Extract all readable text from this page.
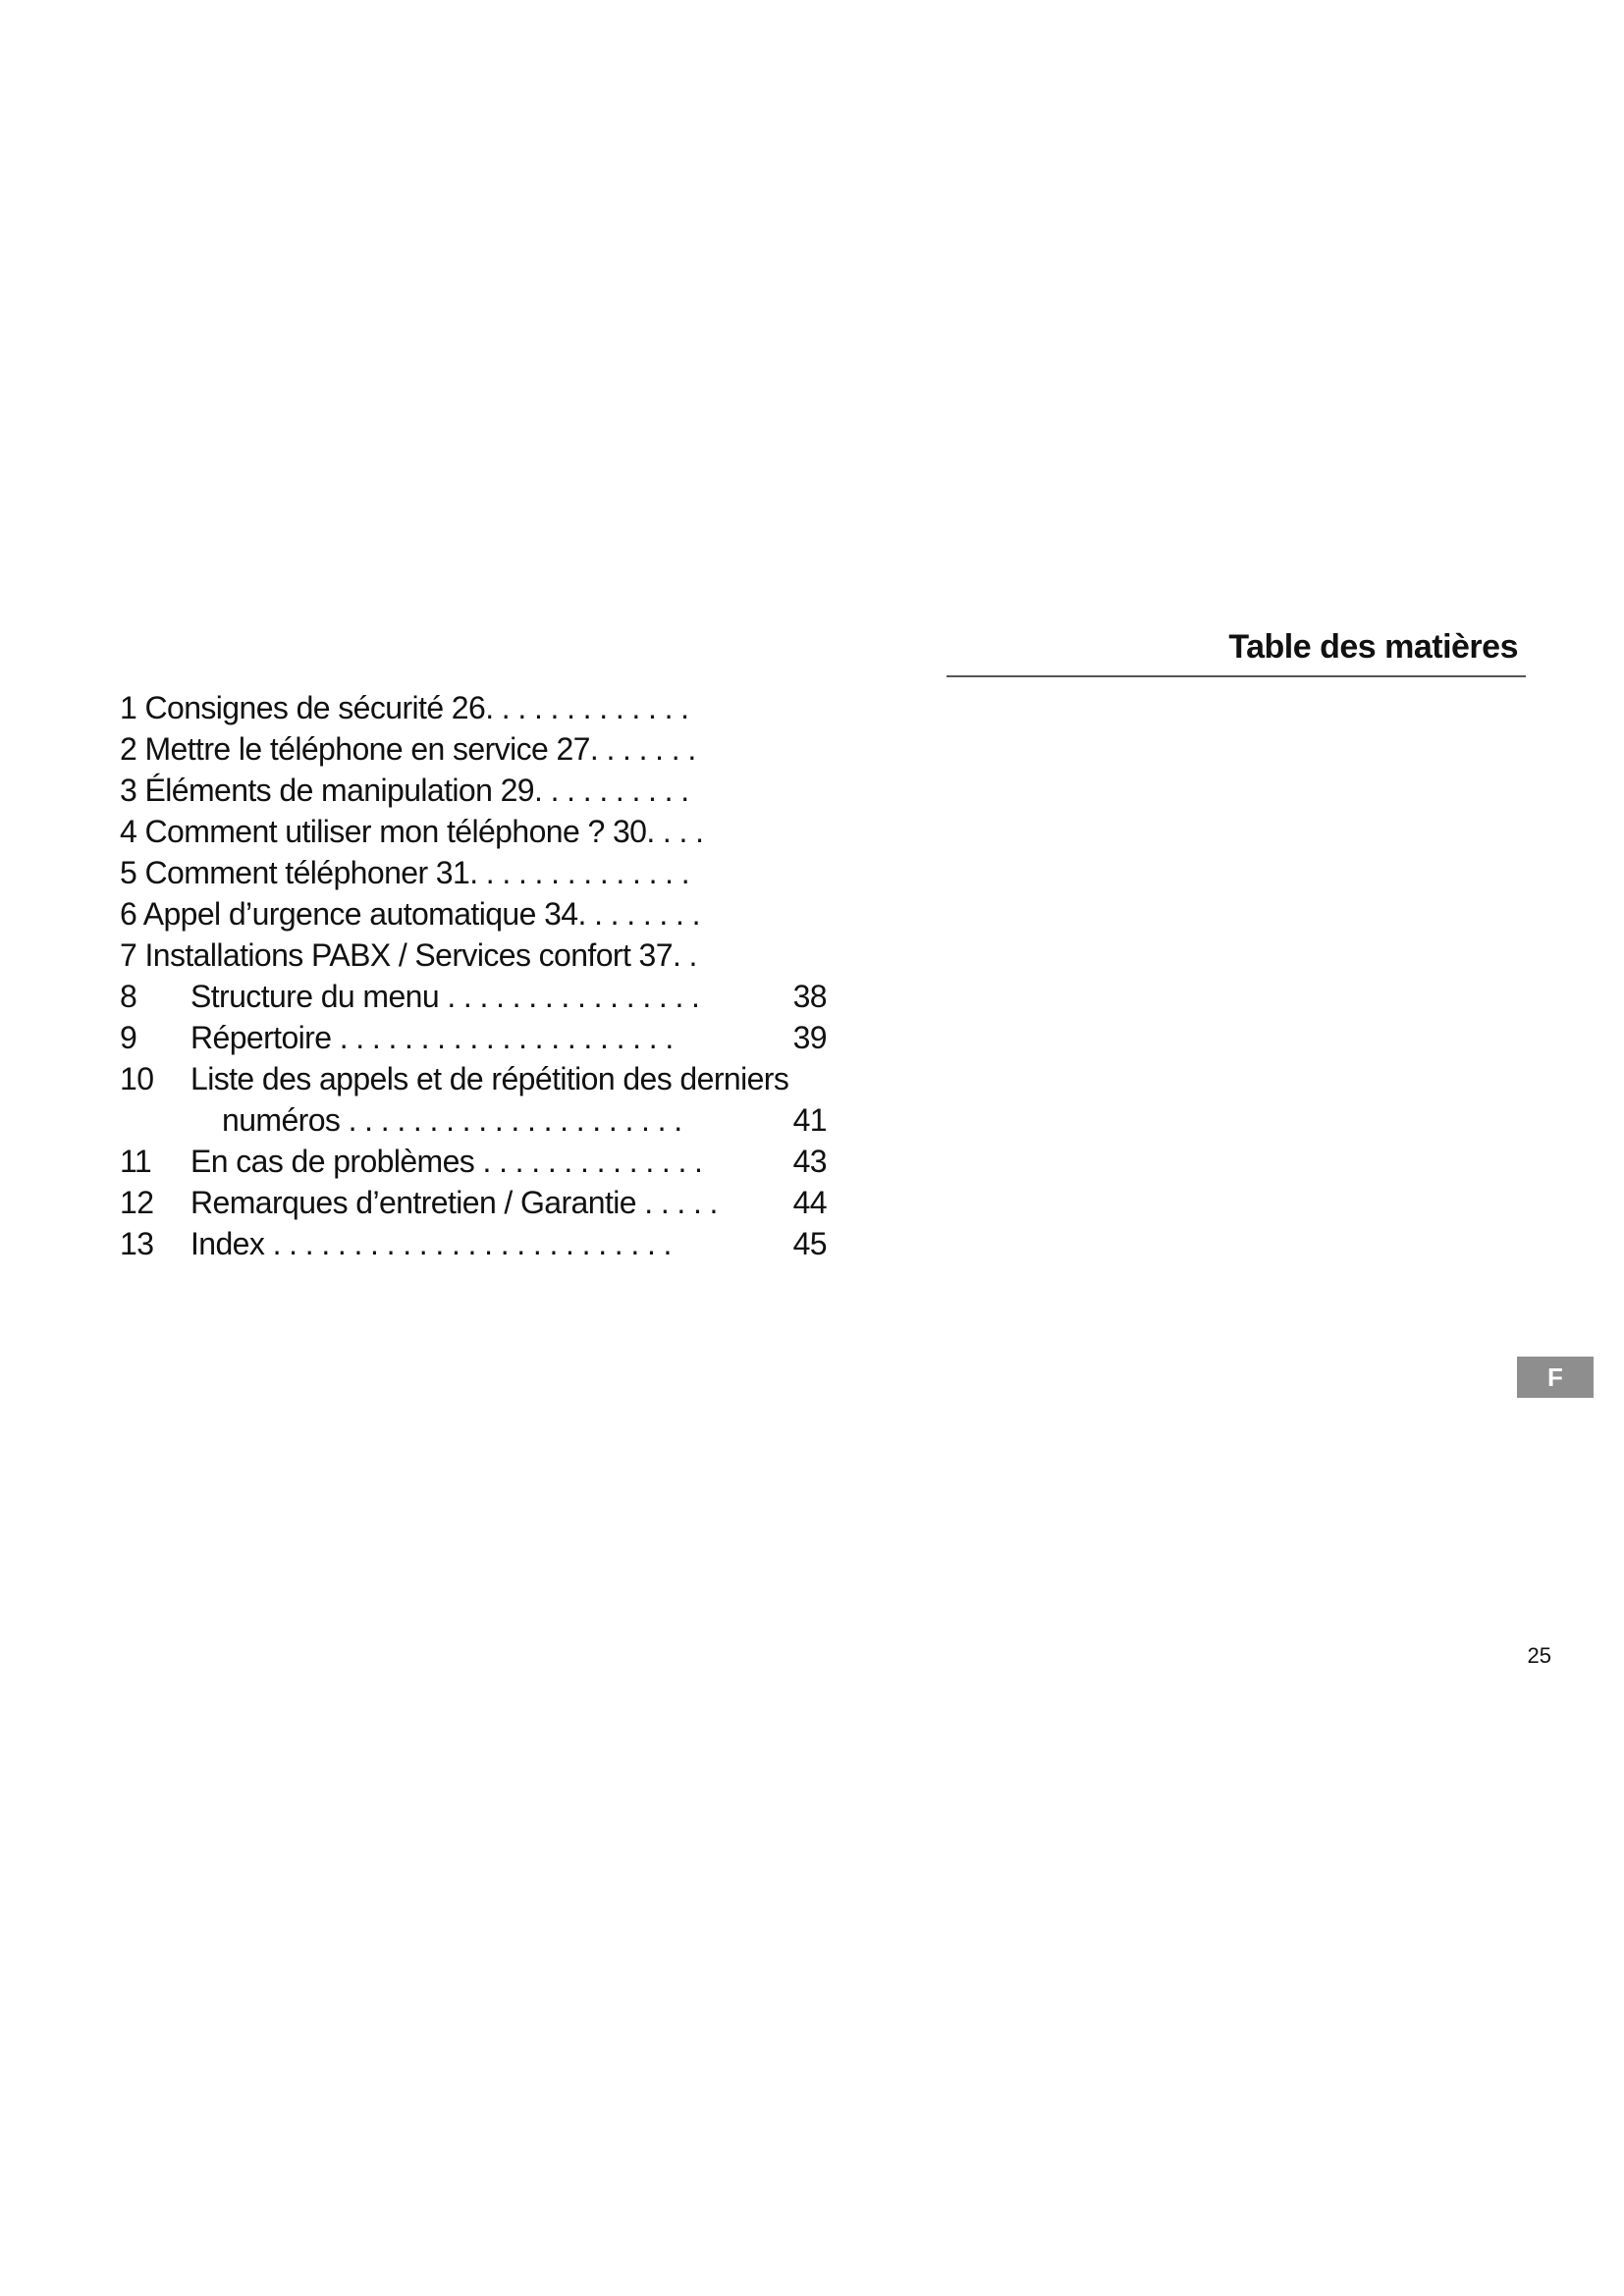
Table des matières
1 Consignes de sécurité 26. . . . . . . . . . . . .
2 Mettre le téléphone en service 27. . . . . . .
3 Éléments de manipulation 29. . . . . . . . . .
4 Comment utiliser mon téléphone ? 30. . . .
5 Comment téléphoner 31. . . . . . . . . . . . . .
6 Appel d’urgence automatique 34. . . . . . . .
7 Installations PABX / Services confort 37. .
8 Structure du menu . . . . . . . . . . . . . . . .	38
9 Répertoire . . . . . . . . . . . . . . . . . . . . .	39
10 Liste des appels et de répétition des derniers
numéros . . . . . . . . . . . . . . . . . . . . .	41
11 En cas de problèmes . . . . . . . . . . . . . .	43
12 Remarques d’entretien / Garantie . . . . .	44
13 Index . . . . . . . . . . . . . . . . . . . . . . . . .	45
F
25
